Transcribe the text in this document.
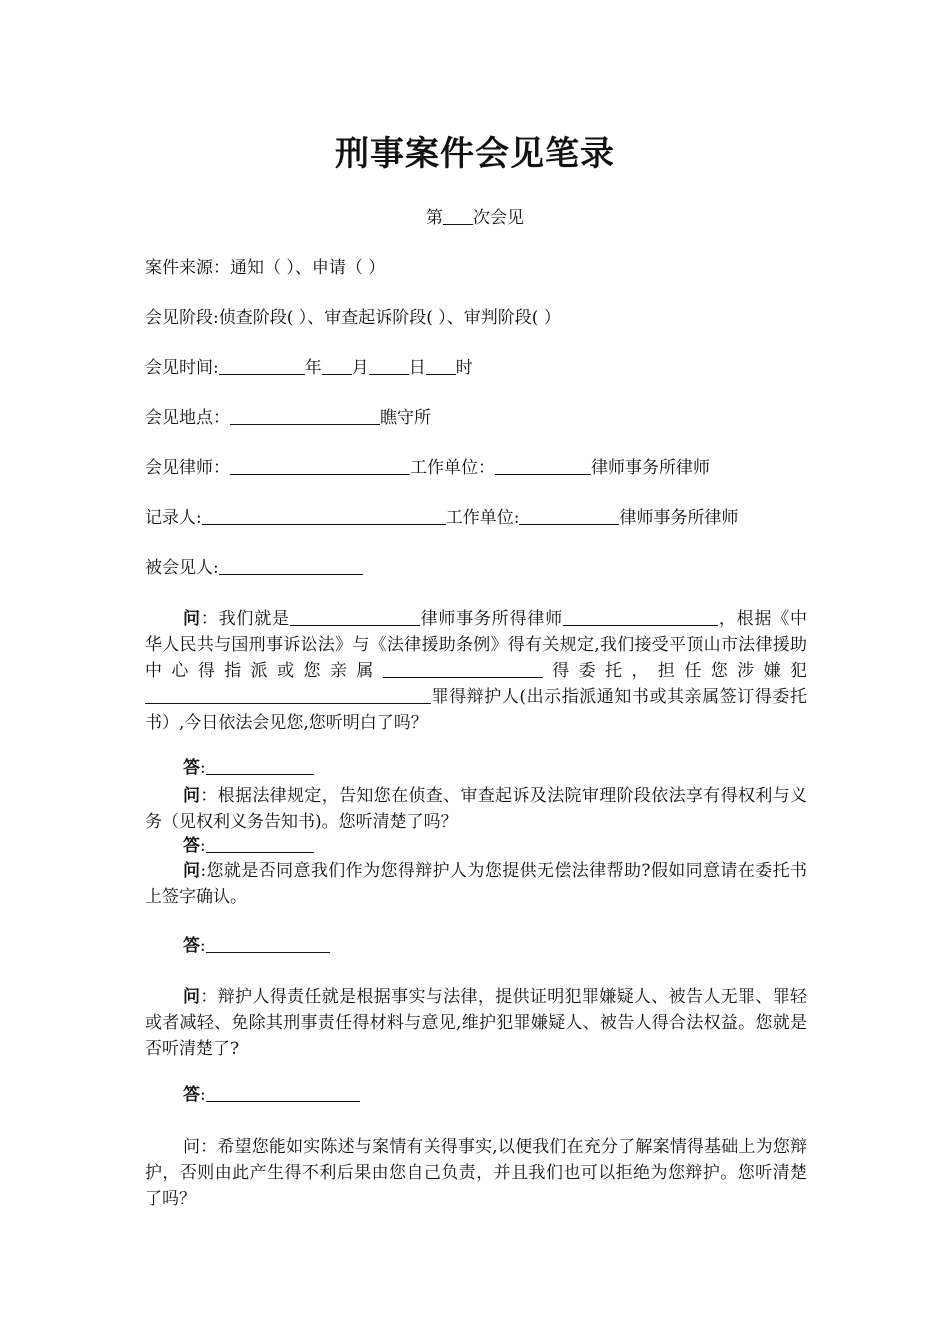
刑事案件会见笔录
第 次会见
案件来源：通知（ ）、申请（ ）
会见阶段:侦查阶段( ）、审查起诉阶段( ）、审判阶段( ）
会见时间:	年 月 日 时
会见地点：	瞧守所
会见律师：	工作单位：	律师事务所律师
记录人:	工作单位:	律师事务所律师
被会见人:
问：我们就是	律师事务所得律师	，根据《中华人民共与国刑事诉讼法》与《法律援助条例》得有关规定,我们接受平顶山市法律援助中心得指派或您亲属	得委托，担任您涉嫌犯罪得辩护人(出示指派通知书或其亲属签订得委托书）,今日依法会见您,您听明白了吗？
答:
问：根据法律规定，告知您在侦查、审查起诉及法院审理阶段依法享有得权利与义务（见权利义务告知书)。您听清楚了吗？
答:
问:您就是否同意我们作为您得辩护人为您提供无偿法律帮助?假如同意请在委托书上签字确认。
答:
问：辩护人得责任就是根据事实与法律，提供证明犯罪嫌疑人、被告人无罪、罪轻或者减轻、免除其刑事责任得材料与意见,维护犯罪嫌疑人、被告人得合法权益。您就是否听清楚了?
答:
问：希望您能如实陈述与案情有关得事实,以便我们在充分了解案情得基础上为您辩护，否则由此产生得不利后果由您自己负责，并且我们也可以拒绝为您辩护。您听清楚了吗？
